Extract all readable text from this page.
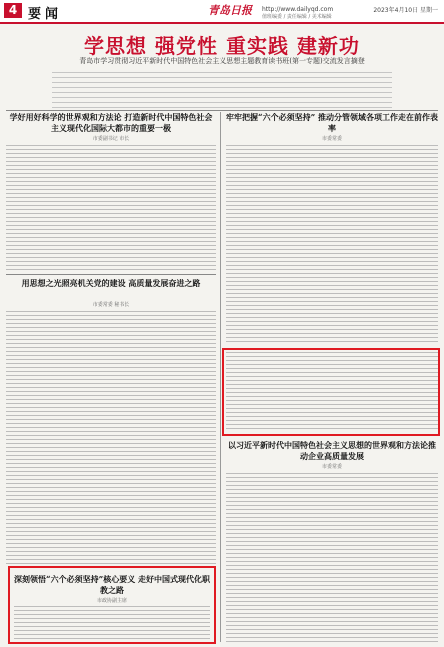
4 要闻	青岛日报 http://www.dailyqd.com
值班编委 / 责任编辑 / 美术编辑
2023年4月10日 星期一
学思想 强党性 重实践 建新功
青岛市学习贯彻习近平新时代中国特色社会主义思想主题教育读书班(第一专题)交流发言摘登
学好用好科学的世界观和方法论 打造新时代中国特色社会主义现代化国际大都市的重要一极
市委副书记 市长
牢牢把握“六个必须坚持” 推动分管领域各项工作走在前作表率
市委常委
用思想之光照亮机关党的建设 高质量发展奋进之路
市委常委 秘书长
以习近平新时代中国特色社会主义思想的世界观和方法论推动企业高质量发展
市委常委
深刻领悟“六个必须坚持”核心要义 走好中国式现代化职教之路
市政协副主席
